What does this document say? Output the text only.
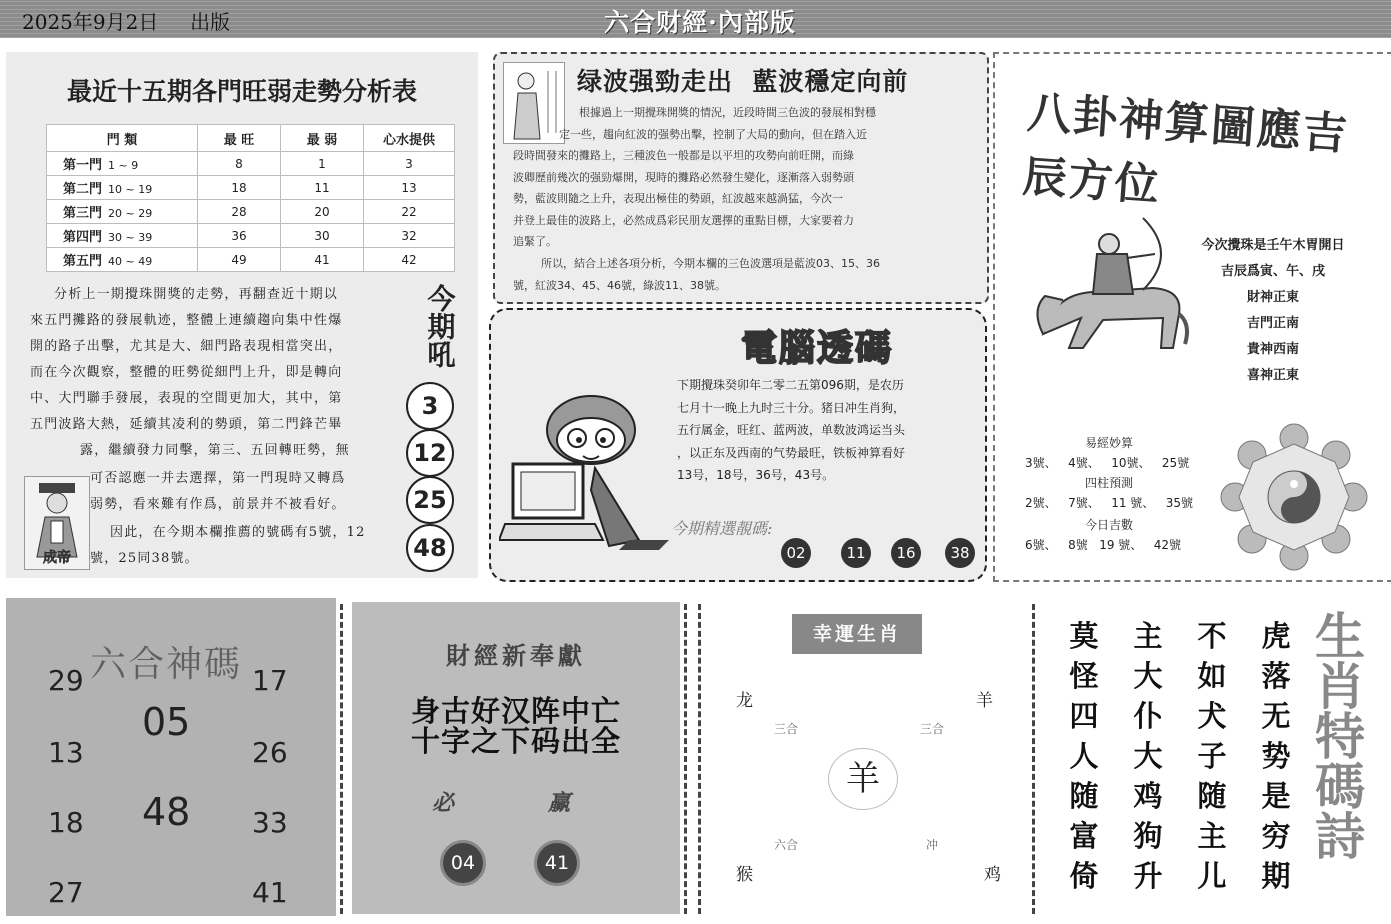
2025年9月2日 出版	六合财經·內部版
最近十五期各門旺弱走勢分析表
門 類	最 旺	最 弱	心水提供
第一門 1 ~ 9	8	1	3
第二門 10 ~ 19	18	11	13
第三門 20 ~ 29	28	20	22
第四門 30 ~ 39	36	30	32
第五門 40 ~ 49	49	41	42
分析上一期攪珠開獎的走勢，再翻查近十期以
來五門攤路的發展軌迹，整體上連續趨向集中性爆
開的路子出擊，尤其是大、細門路表現相當突出，
而在今次觀察，整體的旺勢從細門上升，即是轉向
中、大門聯手發展，表現的空間更加大，其中，第
五門波路大熱，延續其凌利的勢頭，第二門鋒芒畢
露，繼續發力同擊，第三、五回轉旺勢，無
可否認應一并去選擇，第一門現時又轉爲
弱勢，看來難有作爲，前景并不被看好。
因此，在今期本欄推薦的號碼有5號，12
號，25同38號。
今期吼
3
12
25
48
成帝
绿波强勁走出  藍波穩定向前
根據過上一期攪珠開獎的情況，近段時間三色波的發展相對穩
定一些，趨向紅波的强勢出擊，控制了大局的動向，但在踏入近
段時間發來的攤路上，三種波色一般都是以平坦的攻勢向前旺開，而綠
波卿歷前幾次的强勁爆開，現時的攤路必然發生變化，逐漸落入弱勢頭
勢，藍波則隨之上升，表現出極佳的勢頭，紅波越來越渦猛，今次一
并登上最佳的波路上，必然成爲彩民朋友選擇的重點目標，大家要着力
追緊了。
所以，結合上述各項分析，今期本欄的三色波選項是藍波03、15、36
號，紅波34、45、46號，綠波11、38號。
電腦透碼
下期攪珠癸卯年二零二五第096期，是农历
七月十一晚上九时三十分。猪日冲生肖狗，
五行属金，旺红、蓝两波，单数波鸿运当头
，以正东及西南的气势最旺，铁板神算看好
13号，18号，36号，43号。
今期精選靚碼:
02	11	16	38
八卦神算圖應吉辰方位
今次攪珠是壬午木胃開日
吉辰爲寅、午、戌
財神正東
吉門正南
貴神西南
喜神正東
易經妙算
3號、 4號、 10號、 25號
四柱預測
2號、 7號、 11 號、 35號
今日吉數
6號、 8號 19 號、 42號
六合神碼
29
13
18
27
17
26
33
41
05
48
財經新奉獻
身古好汉阵中亡
十字之下码出全
必	赢
04	41
幸運生肖
龙	羊
三合	三合
羊
六合	冲
猴	鸡
莫
怪
四
人
随
富
倚
主
大
仆
大
鸡
狗
升
不
如
犬
子
随
主
儿
虎
落
无
势
是
穷
期
生肖特碼詩
